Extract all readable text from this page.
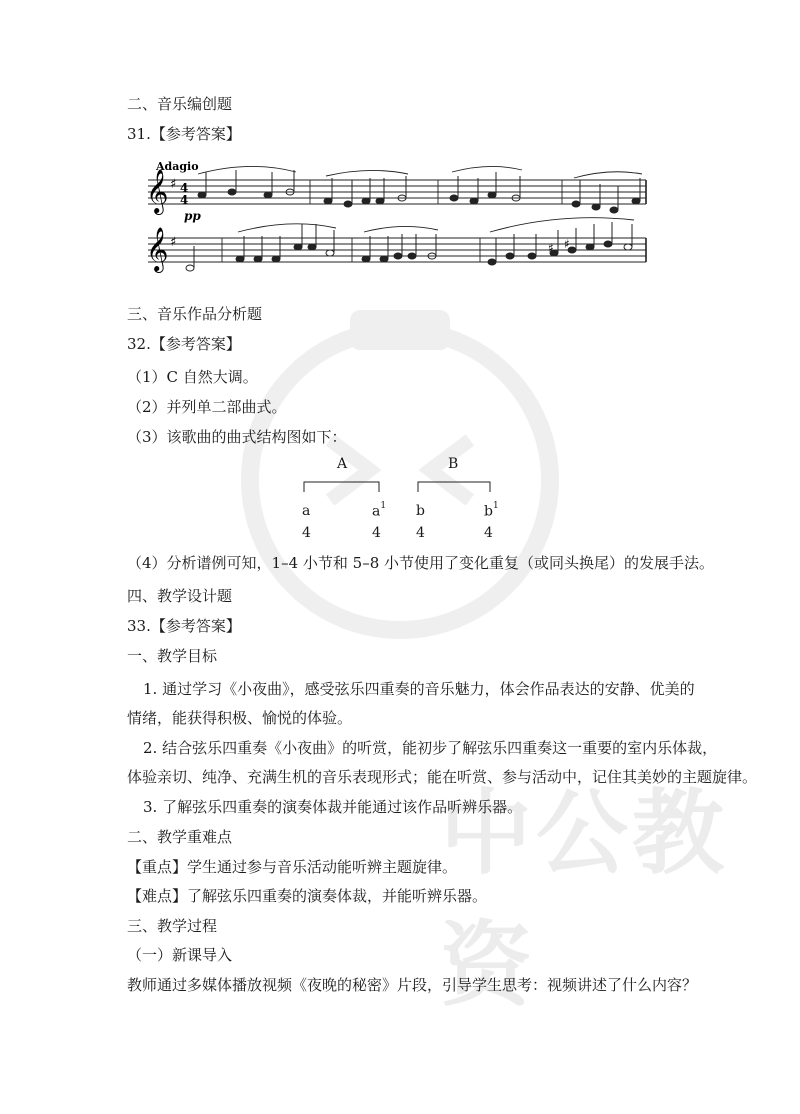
中公教资
二、音乐编创题
31.【参考答案】
Adagio
𝄞
𝄞
♯
♯
4
4
pp
♯ ♯
三、音乐作品分析题
32.【参考答案】
（1）C 自然大调。
（2）并列单二部曲式。
（3）该歌曲的曲式结构图如下：
A	B
a	$a^1$ b	$b^1$
4	4	4	4
（4）分析谱例可知，1–4 小节和 5–8 小节使用了变化重复（或同头换尾）的发展手法。
四、教学设计题
33.【参考答案】
一、教学目标
1. 通过学习《小夜曲》，感受弦乐四重奏的音乐魅力，体会作品表达的安静、优美的
情绪，能获得积极、愉悦的体验。
2. 结合弦乐四重奏《小夜曲》的听赏，能初步了解弦乐四重奏这一重要的室内乐体裁，
体验亲切、纯净、充满生机的音乐表现形式；能在听赏、参与活动中，记住其美妙的主题旋律。
3. 了解弦乐四重奏的演奏体裁并能通过该作品听辨乐器。
二、教学重难点
【重点】学生通过参与音乐活动能听辨主题旋律。
【难点】了解弦乐四重奏的演奏体裁，并能听辨乐器。
三、教学过程
（一）新课导入
教师通过多媒体播放视频《夜晚的秘密》片段，引导学生思考：视频讲述了什么内容？
